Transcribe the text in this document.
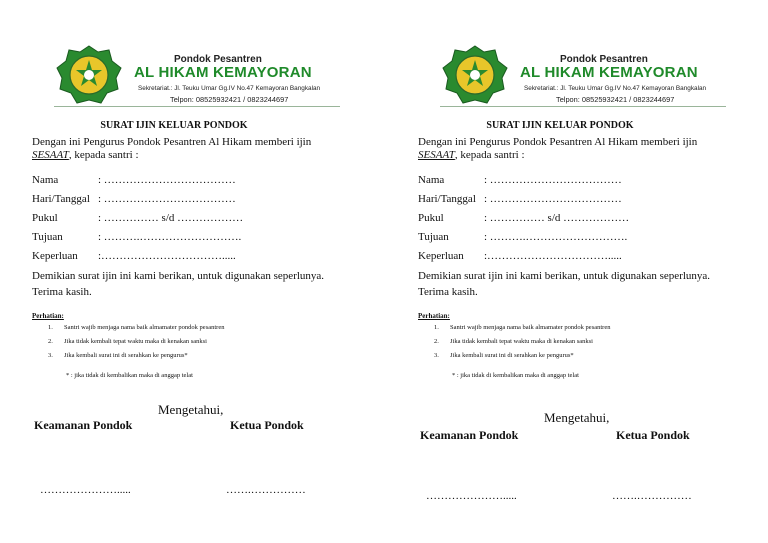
Pondok Pesantren
AL HIKAM KEMAYORAN
Sekretariat.: Jl. Teuku Umar Gg.IV No.47 Kemayoran Bangkalan
Telpon: 08525932421 / 0823244697
SURAT IJIN KELUAR PONDOK
Dengan ini Pengurus Pondok Pesantren Al Hikam memberi ijin
SESAAT, kepada santri :
Nama	: ………………………………
Hari/Tanggal : ………………………………
Pukul	: …………… s/d ………………
Tujuan	: ……….……………………….
Keperluan :…………………………….....
Demikian surat ijin ini kami berikan, untuk digunakan seperlunya.
Terima kasih.
Perhatian:
1. Santri wajib menjaga nama baik almamater pondok pesantren
2. Jika tidak kembali tepat waktu maka di kenakan sanksi
3. Jika kembali surat ini di serahkan ke pengurus*
* : jika tidak di kembalikan maka di anggap telat
Mengetahui,
Keamanan Pondok	Ketua Pondok
………………….....	…….……………
Pondok Pesantren
AL HIKAM KEMAYORAN
Sekretariat.: Jl. Teuku Umar Gg.IV No.47 Kemayoran Bangkalan
Telpon: 08525932421 / 0823244697
SURAT IJIN KELUAR PONDOK
Dengan ini Pengurus Pondok Pesantren Al Hikam memberi ijin
SESAAT, kepada santri :
Nama	: ………………………………
Hari/Tanggal : ………………………………
Pukul	: …………… s/d ………………
Tujuan	: ……….……………………….
Keperluan :…………………………….....
Demikian surat ijin ini kami berikan, untuk digunakan seperlunya.
Terima kasih.
Perhatian:
1. Santri wajib menjaga nama baik almamater pondok pesantren
2. Jika tidak kembali tepat waktu maka di kenakan sanksi
3. Jika kembali surat ini di serahkan ke pengurus*
* : jika tidak di kembalikan maka di anggap telat
Mengetahui,
Keamanan Pondok	Ketua Pondok
………………….....	…….……………
